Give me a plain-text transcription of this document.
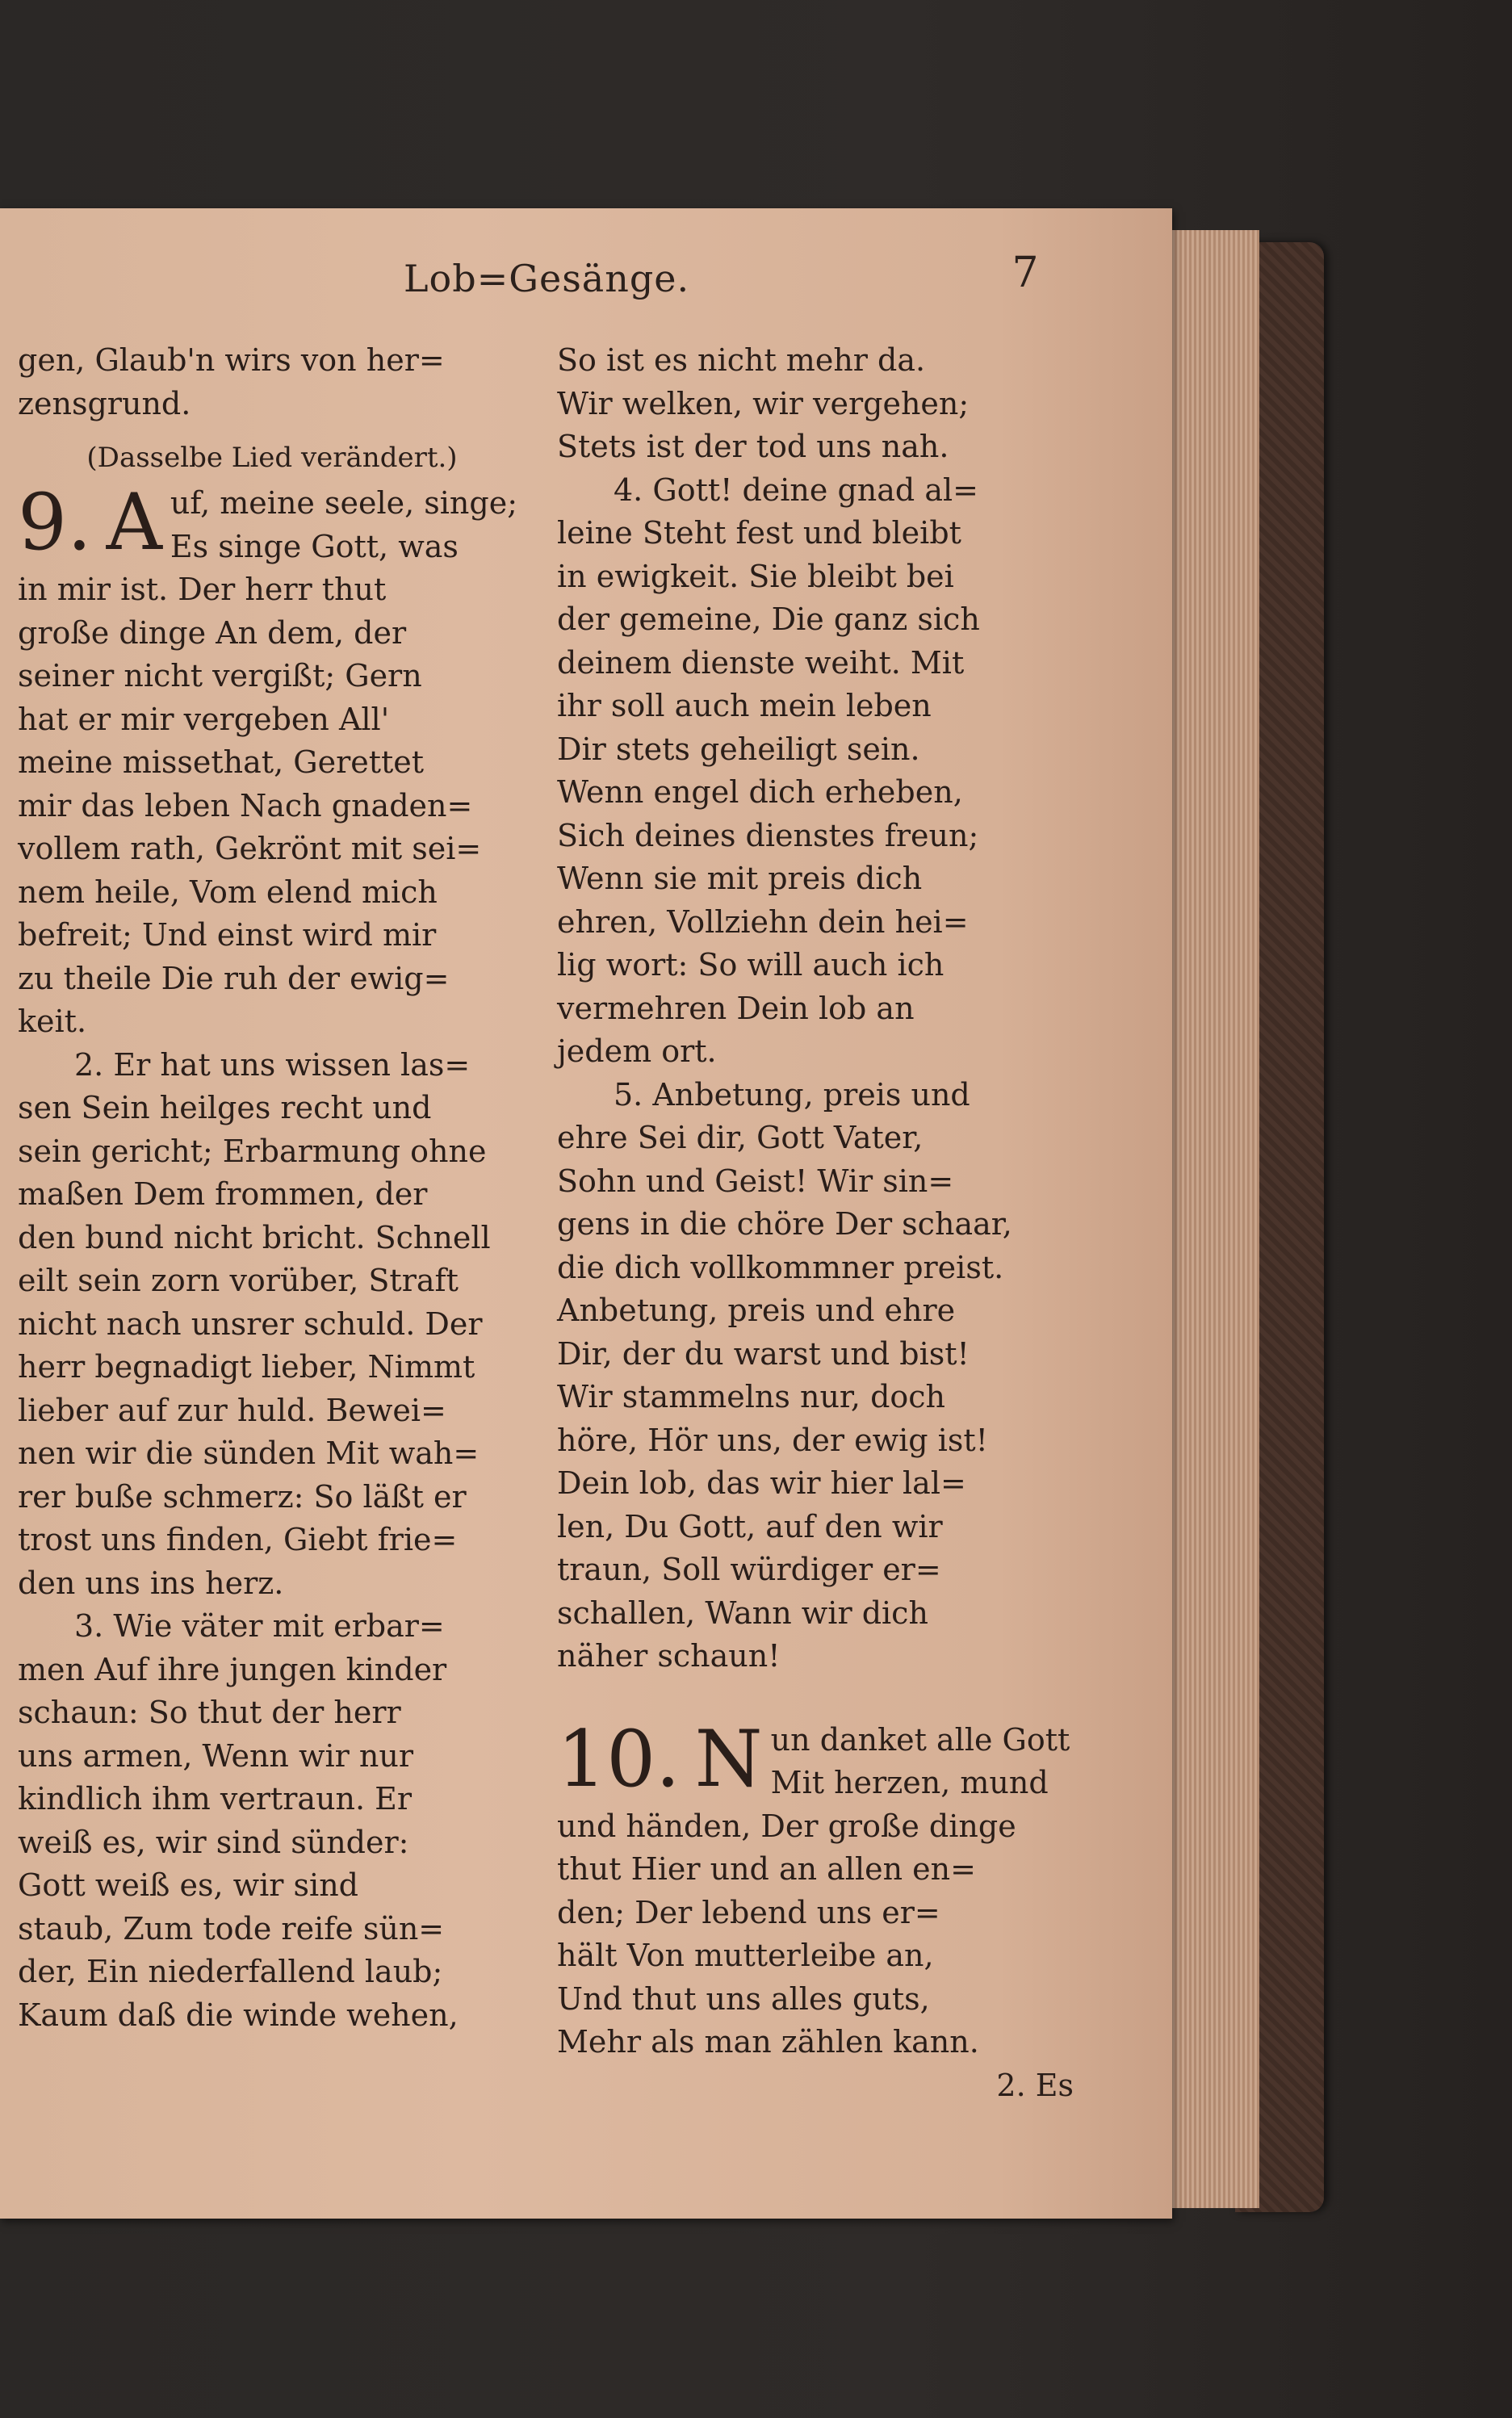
Lob=Gesänge.	7
gen, Glaub'n wirs von her=
zensgrund.
(Dasselbe Lied verändert.)
9. A uf, meine seele, singe;
Es singe Gott, was
in mir ist. Der herr thut
große dinge An dem, der
seiner nicht vergißt; Gern
hat er mir vergeben All'
meine missethat, Gerettet
mir das leben Nach gnaden=
vollem rath, Gekrönt mit sei=
nem heile, Vom elend mich
befreit; Und einst wird mir
zu theile Die ruh der ewig=
keit.
2. Er hat uns wissen las=
sen Sein heilges recht und
sein gericht; Erbarmung ohne
maßen Dem frommen, der
den bund nicht bricht. Schnell
eilt sein zorn vorüber, Straft
nicht nach unsrer schuld. Der
herr begnadigt lieber, Nimmt
lieber auf zur huld. Bewei=
nen wir die sünden Mit wah=
rer buße schmerz: So läßt er
trost uns finden, Giebt frie=
den uns ins herz.
3. Wie väter mit erbar=
men Auf ihre jungen kinder
schaun: So thut der herr
uns armen, Wenn wir nur
kindlich ihm vertraun. Er
weiß es, wir sind sünder:
Gott weiß es, wir sind
staub, Zum tode reife sün=
der, Ein niederfallend laub;
Kaum daß die winde wehen,
So ist es nicht mehr da.
Wir welken, wir vergehen;
Stets ist der tod uns nah.
4. Gott! deine gnad al=
leine Steht fest und bleibt
in ewigkeit. Sie bleibt bei
der gemeine, Die ganz sich
deinem dienste weiht. Mit
ihr soll auch mein leben
Dir stets geheiligt sein.
Wenn engel dich erheben,
Sich deines dienstes freun;
Wenn sie mit preis dich
ehren, Vollziehn dein hei=
lig wort: So will auch ich
vermehren Dein lob an
jedem ort.
5. Anbetung, preis und
ehre Sei dir, Gott Vater,
Sohn und Geist! Wir sin=
gens in die chöre Der schaar,
die dich vollkommner preist.
Anbetung, preis und ehre
Dir, der du warst und bist!
Wir stammelns nur, doch
höre, Hör uns, der ewig ist!
Dein lob, das wir hier lal=
len, Du Gott, auf den wir
traun, Soll würdiger er=
schallen, Wann wir dich
näher schaun!
10. N un danket alle Gott
Mit herzen, mund
und händen, Der große dinge
thut Hier und an allen en=
den; Der lebend uns er=
hält Von mutterleibe an,
Und thut uns alles guts,
Mehr als man zählen kann.
2. Es
